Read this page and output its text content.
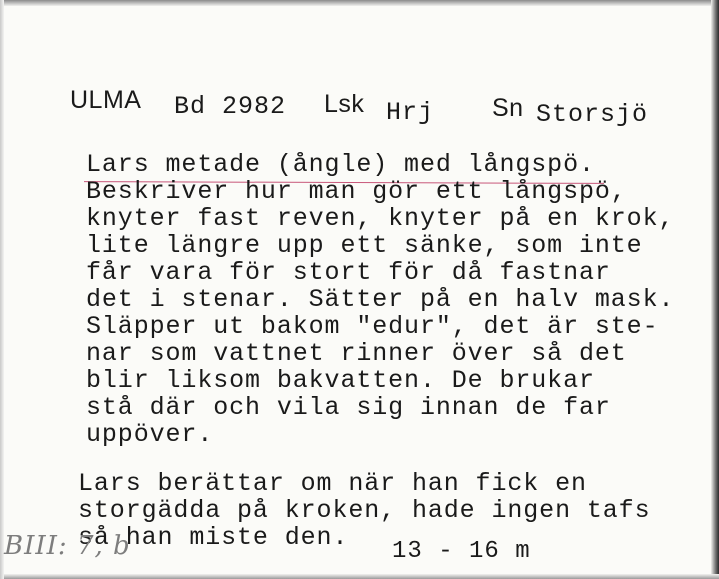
ULMA Bd 2982 Lsk Hrj Sn Storsjö
Lars metade (ångle) med långspö.
Beskriver hur man gör ett långspö,
knyter fast reven, knyter på en krok,
lite längre upp ett sänke, som inte
får vara för stort för då fastnar
det i stenar. Sätter på en halv mask.
Släpper ut bakom "edur", det är ste-
nar som vattnet rinner över så det
blir liksom bakvatten. De brukar
stå där och vila sig innan de far
uppöver.
Lars berättar om när han fick en
storgädda på kroken, hade ingen tafs
så han miste den.	13 - 16 m
BIII: 7, b
